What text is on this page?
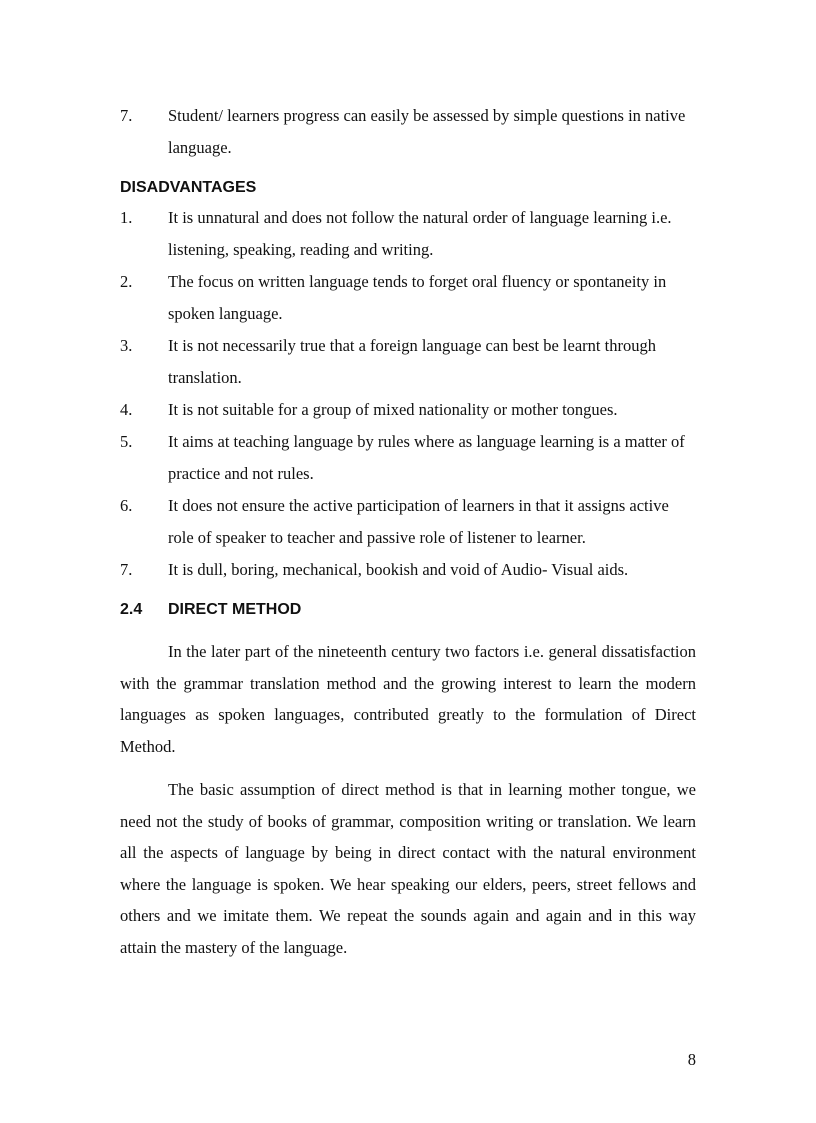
7.	Student/ learners progress can easily be assessed by simple questions in native language.
DISADVANTAGES
1.	It is unnatural and does not follow the natural order of language learning i.e. listening, speaking, reading and writing.
2.	The focus on written language tends to forget oral fluency or spontaneity in spoken language.
3.	It is not necessarily true that a foreign language can best be learnt through translation.
4.	It is not suitable for a group of mixed nationality or mother tongues.
5.	It aims at teaching language by rules where as language learning is a matter of practice and not rules.
6.	It does not ensure the active participation of learners in that it assigns active role of speaker to teacher and passive role of listener to learner.
7.	It is dull, boring, mechanical, bookish and void of Audio- Visual aids.
2.4	DIRECT METHOD

In the later part of the nineteenth century two factors i.e. general dissatisfaction with the grammar translation method and the growing interest to learn the modern languages as spoken languages, contributed greatly to the formulation of Direct Method.

The basic assumption of direct method is that in learning mother tongue, we need not the study of books of grammar, composition writing or translation. We learn all the aspects of language by being in direct contact with the natural environment where the language is spoken. We hear speaking our elders, peers, street fellows and others and we imitate them. We repeat the sounds again and again and in this way attain the mastery of the language.

8
